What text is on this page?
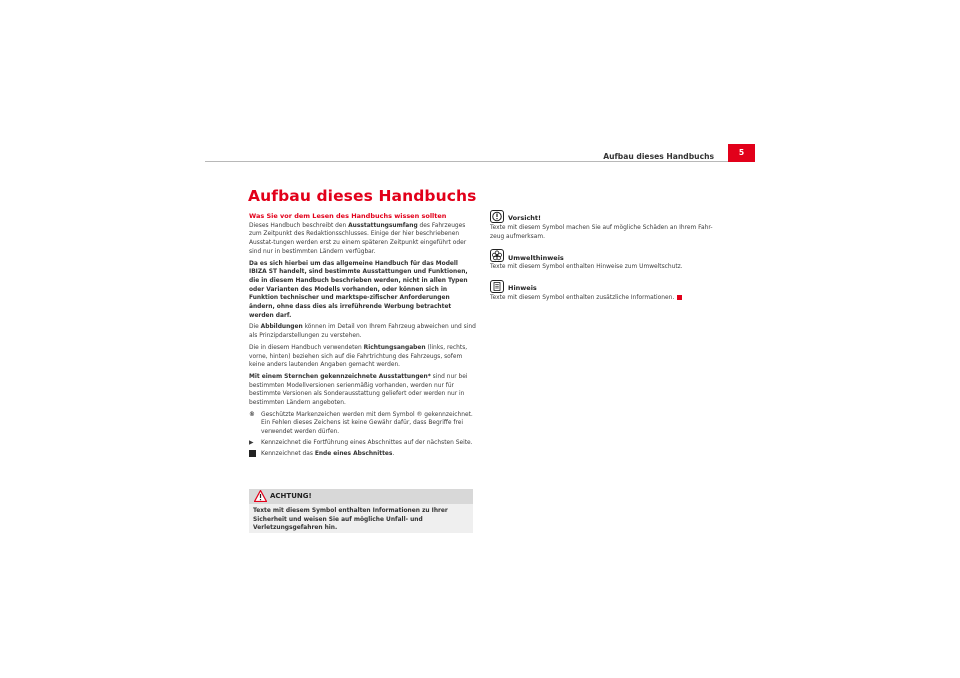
Aufbau dieses Handbuchs	5
Aufbau dieses Handbuchs
Was Sie vor dem Lesen des Handbuchs wissen sollten

Dieses Handbuch beschreibt den Ausstattungsumfang des Fahrzeuges zum Zeitpunkt des Redaktionsschlusses. Einige der hier beschriebenen Ausstat-tungen werden erst zu einem späteren Zeitpunkt eingeführt oder sind nur in bestimmten Ländern verfügbar.

Da es sich hierbei um das allgemeine Handbuch für das Modell IBIZA ST handelt, sind bestimmte Ausstattungen und Funktionen, die in diesem Handbuch beschrieben werden, nicht in allen Typen oder Varianten des Modells vorhanden, oder können sich in Funktion technischer und marktspe-zifischer Anforderungen ändern, ohne dass dies als irreführende Werbung betrachtet werden darf.

Die Abbildungen können im Detail von Ihrem Fahrzeug abweichen und sind als Prinzipdarstellungen zu verstehen.

Die in diesem Handbuch verwendeten Richtungsangaben (links, rechts, vorne, hinten) beziehen sich auf die Fahrtrichtung des Fahrzeugs, sofem keine anders lautenden Angaben gemacht werden.

Mit einem Sternchen gekennzeichnete Ausstattungen* sind nur bei bestimmten Modellversionen serienmäßig vorhanden, werden nur für bestimmte Versionen als Sonderausstattung geliefert oder werden nur in bestimmten Ländern angeboten.

®	Geschützte Markenzeichen werden mit dem Symbol ® gekennzeichnet. Ein Fehlen dieses Zeichens ist keine Gewähr dafür, dass Begriffe frei verwendet werden dürfen.
▶	Kennzeichnet die Fortführung eines Abschnittes auf der nächsten Seite.
Kennzeichnet das Ende eines Abschnittes.
ACHTUNG!
Texte mit diesem Symbol enthalten Informationen zu Ihrer Sicherheit und weisen Sie auf mögliche Unfall- und Verletzungsgefahren hin.
Vorsicht!

Texte mit diesem Symbol machen Sie auf mögliche Schäden an Ihrem Fahr-zeug aufmerksam.

Umwelthinweis

Texte mit diesem Symbol enthalten Hinweise zum Umweltschutz.

Hinweis

Texte mit diesem Symbol enthalten zusätzliche Informationen.
